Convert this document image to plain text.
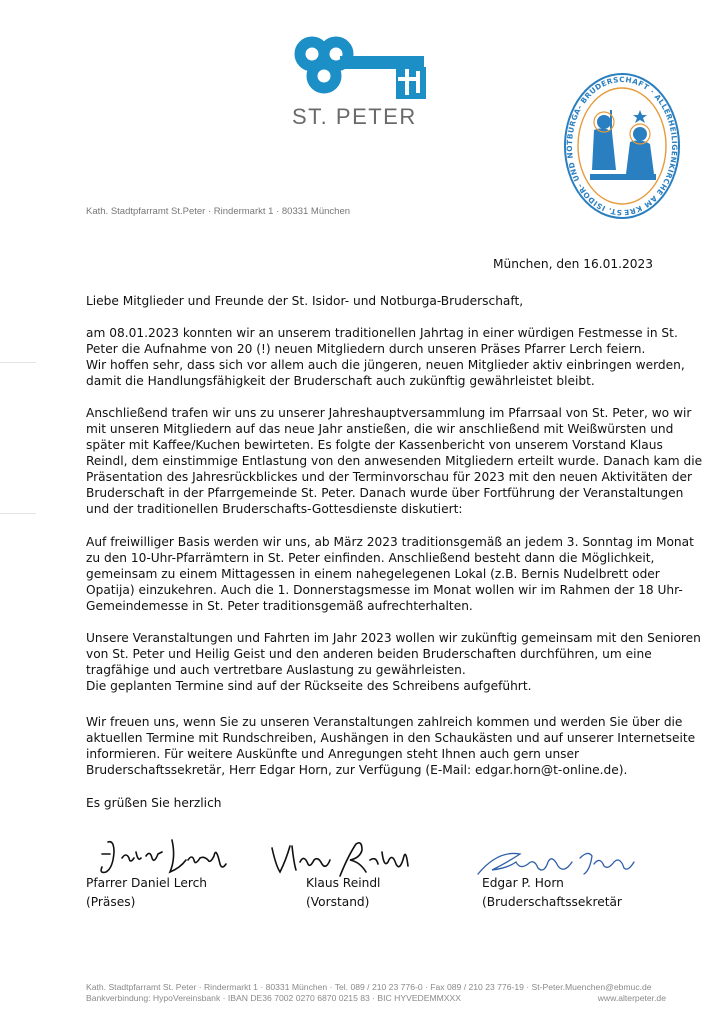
ST. PETER
ST. ISIDOR- UND NOTBURGA- BRUDERSCHAFT · ALLERHEILIGENKIRCHE AM KRE
Kath. Stadtpfarramt St.Peter · Rindermarkt 1 · 80331 München
München, den 16.01.2023
Liebe Mitglieder und Freunde der St. Isidor- und Notburga-Bruderschaft,
am 08.01.2023 konnten wir an unserem traditionellen Jahrtag in einer würdigen Festmesse in St.
Peter die Aufnahme von 20 (!) neuen Mitgliedern durch unseren Präses Pfarrer Lerch feiern.
Wir hoffen sehr, dass sich vor allem auch die jüngeren, neuen Mitglieder aktiv einbringen werden,
damit die Handlungsfähigkeit der Bruderschaft auch zukünftig gewährleistet bleibt.
Anschließend trafen wir uns zu unserer Jahreshauptversammlung im Pfarrsaal von St. Peter, wo wir
mit unseren Mitgliedern auf das neue Jahr anstießen, die wir anschließend mit Weißwürsten und
später mit Kaffee/Kuchen bewirteten. Es folgte der Kassenbericht von unserem Vorstand Klaus
Reindl, dem einstimmige Entlastung von den anwesenden Mitgliedern erteilt wurde. Danach kam die
Präsentation des Jahresrückblickes und der Terminvorschau für 2023 mit den neuen Aktivitäten der
Bruderschaft in der Pfarrgemeinde St. Peter. Danach wurde über Fortführung der Veranstaltungen
und der traditionellen Bruderschafts-Gottesdienste diskutiert:
Auf freiwilliger Basis werden wir uns, ab März 2023 traditionsgemäß an jedem 3. Sonntag im Monat
zu den 10-Uhr-Pfarrämtern in St. Peter einfinden. Anschließend besteht dann die Möglichkeit,
gemeinsam zu einem Mittagessen in einem nahegelegenen Lokal (z.B. Bernis Nudelbrett oder
Opatija) einzukehren. Auch die 1. Donnerstagsmesse im Monat wollen wir im Rahmen der 18 Uhr-
Gemeindemesse in St. Peter traditionsgemäß aufrechterhalten.
Unsere Veranstaltungen und Fahrten im Jahr 2023 wollen wir zukünftig gemeinsam mit den Senioren
von St. Peter und Heilig Geist und den anderen beiden Bruderschaften durchführen, um eine
tragfähige und auch vertretbare Auslastung zu gewährleisten.
Die geplanten Termine sind auf der Rückseite des Schreibens aufgeführt.
Wir freuen uns, wenn Sie zu unseren Veranstaltungen zahlreich kommen und werden Sie über die
aktuellen Termine mit Rundschreiben, Aushängen in den Schaukästen und auf unserer Internetseite
informieren. Für weitere Auskünfte und Anregungen steht Ihnen auch gern unser
Bruderschaftssekretär, Herr Edgar Horn, zur Verfügung (E-Mail: edgar.horn@t-online.de).
Es grüßen Sie herzlich
Pfarrer Daniel Lerch
(Präses)
Klaus Reindl
(Vorstand)
Edgar P. Horn
(Bruderschaftssekretär
Kath. Stadtpfarramt St. Peter · Rindermarkt 1 · 80331 München · Tel. 089 / 210 23 776-0 · Fax 089 / 210 23 776-19 · St-Peter.Muenchen@ebmuc.de
Bankverbindung: HypoVereinsbank · IBAN DE36 7002 0270 6870 0215 83 · BIC HYVEDEMMXXX	www.alterpeter.de
